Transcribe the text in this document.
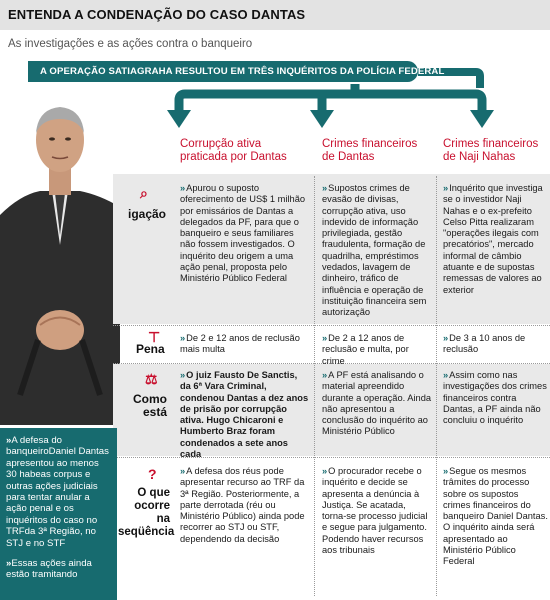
ENTENDA A CONDENAÇÃO DO CASO DANTAS
As investigações e as ações contra o banqueiro
A OPERAÇÃO SATIAGRAHA RESULTOU EM TRÊS INQUÉRITOS DA POLÍCIA FEDERAL
Corrupção ativa
praticada por Dantas
Crimes financeiros
de Dantas
Crimes financeiros
de Naji Nahas
⌕
igação
⊤
Pena
⚖
Como
está
?
O que
ocorre na
seqüência
» Apurou o suposto oferecimento de US$ 1 milhão por emissários de Dantas a delegados da PF, para que o banqueiro e seus familiares não fossem investigados. O inquérito deu origem a uma ação penal, proposta pelo Ministério Público Federal
» Supostos crimes de evasão de divisas, corrupção ativa, uso indevido de informação privilegiada, gestão fraudulenta, formação de quadrilha, empréstimos vedados, lavagem de dinheiro, tráfico de influência e operação de instituição financeira sem autorização
» Inquérito que investiga se o investidor Naji Nahas e o ex-prefeito Celso Pitta realizaram "operações ilegais com precatórios", mercado informal de câmbio atuante e de supostas remessas de valores ao exterior
» De 2 e 12 anos de reclusão mais multa
» De 2 a 12 anos de reclusão e multa, por crime
» De 3 a 10 anos de reclusão
» O juiz Fausto De Sanctis, da 6ª Vara Criminal, condenou Dantas a dez anos de prisão por corrupção ativa. Hugo Chicaroni e Humberto Braz foram condenados a sete anos cada
» A PF está analisando o material apreendido durante a operação. Ainda não apresentou a conclusão do inquérito ao Ministério Público
» Assim como nas investigações dos crimes financeiros contra Dantas, a PF ainda não concluiu o inquérito
» A defesa dos réus pode apresentar recurso ao TRF da 3ª Região. Posteriormente, a parte derrotada (réu ou Ministério Público) ainda pode recorrer ao STJ ou STF, dependendo da decisão
» O procurador recebe o inquérito e decide se apresenta a denúncia à Justiça. Se acatada, torna-se processo judicial e segue para julgamento. Podendo haver recursos aos tribunais
» Segue os mesmos trâmites do processo sobre os supostos crimes financeiros do banqueiro Daniel Dantas. O inquérito ainda será apresentado ao Ministério Público Federal

»A defesa do banqueiroDaniel Dantas apresentou ao menos 30 habeas corpus e outras ações judiciais para tentar anular a ação penal e os inquéritos do caso no TRFda 3ª Região, no STJ e no STF

»Essas ações ainda estão tramitando
